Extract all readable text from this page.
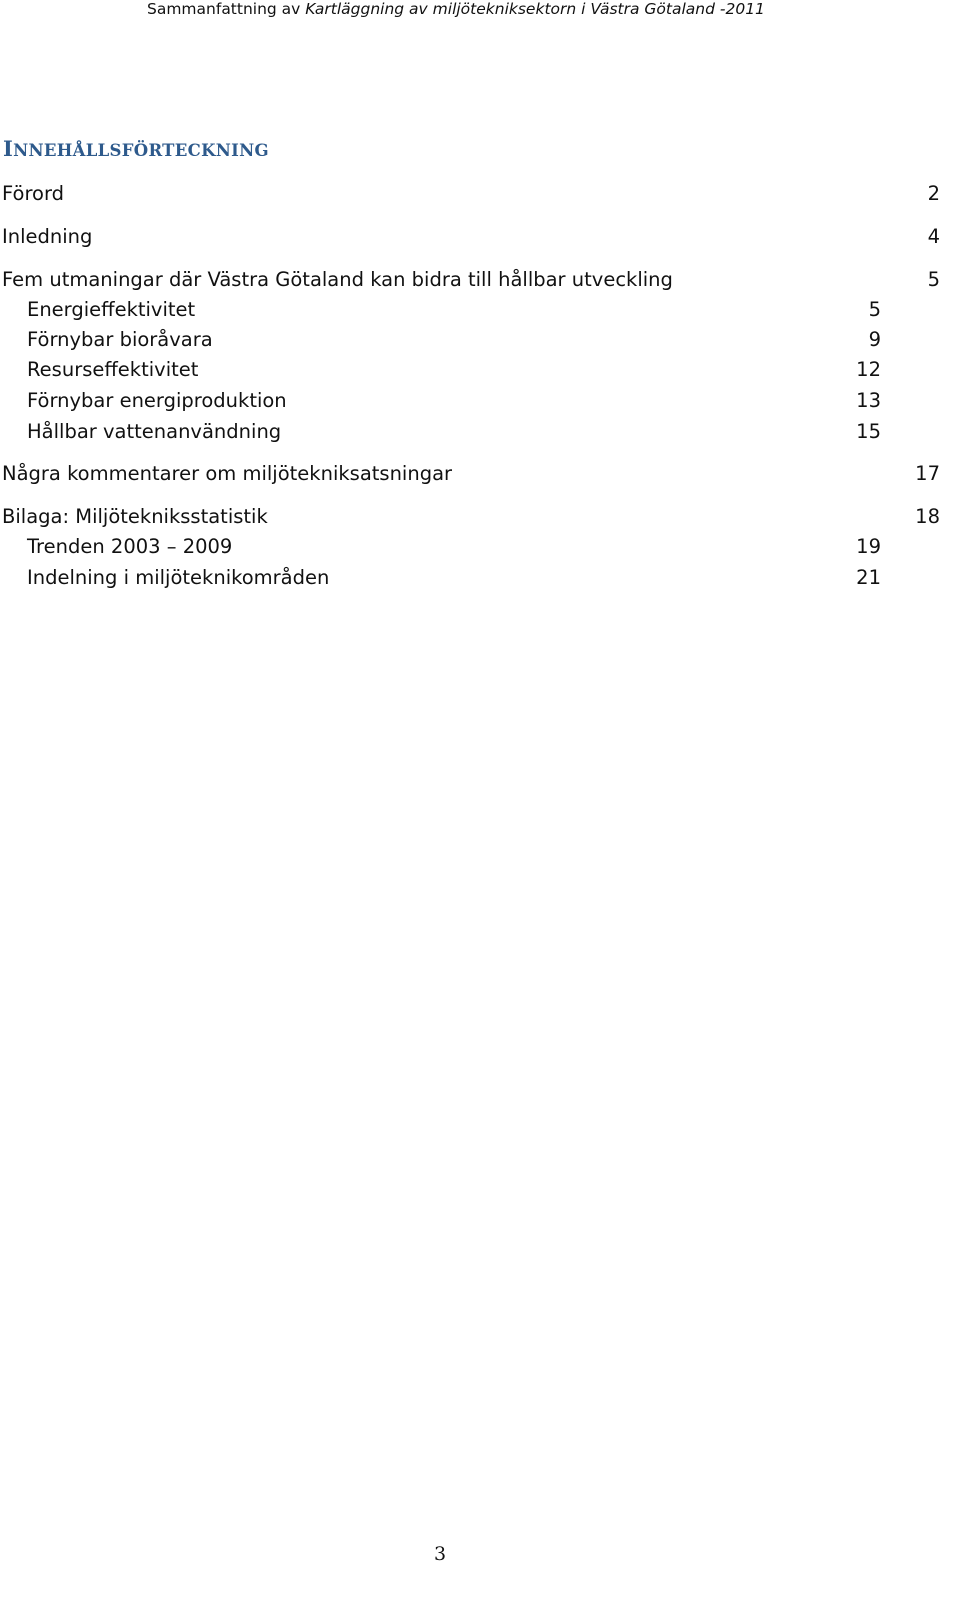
Sammanfattning av Kartläggning av miljötekniksektorn i Västra Götaland -2011
INNEHÅLLSFÖRTECKNING
Förord	2
Inledning	4
Fem utmaningar där Västra Götaland kan bidra till hållbar utveckling	5
Energieffektivitet	5
Förnybar bioråvara	9
Resurseffektivitet	12
Förnybar energiproduktion	13
Hållbar vattenanvändning	15
Några kommentarer om miljötekniksatsningar	17
Bilaga: Miljötekniksstatistik	18
Trenden 2003 – 2009	19
Indelning i miljöteknikområden	21
3
